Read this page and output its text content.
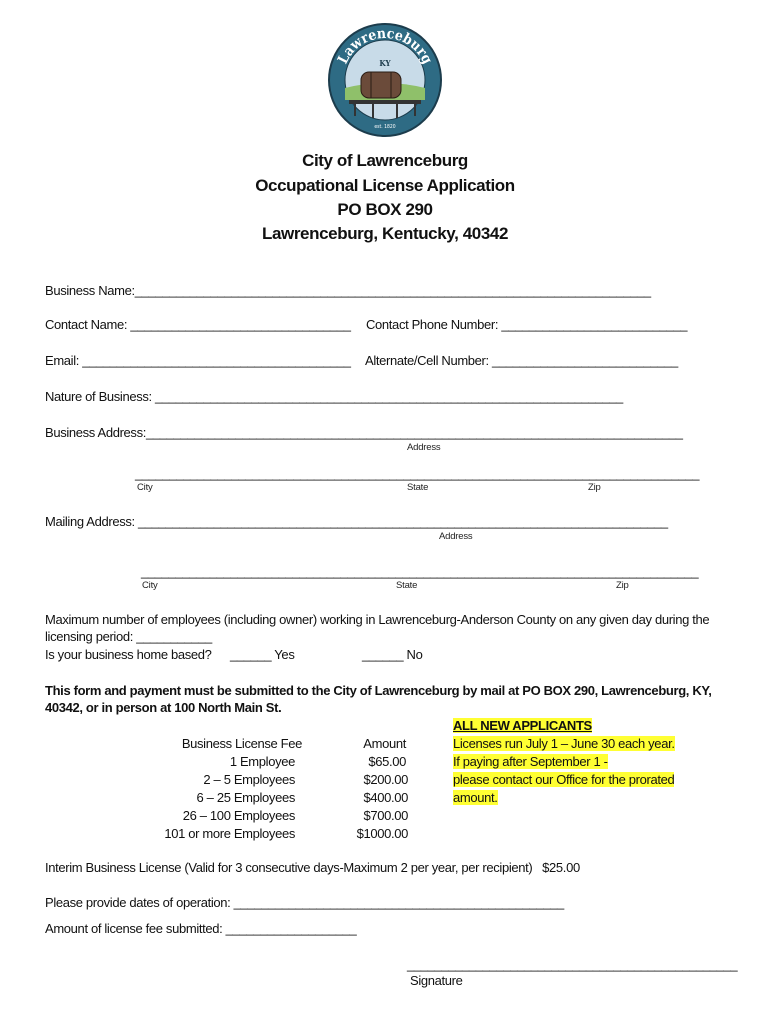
Lawrenceburg
KY
est. 1820
City of Lawrenceburg
Occupational License Application
PO BOX 290
Lawrenceburg, Kentucky, 40342
Business Name:___________________________________________________________________________
Contact Name: ________________________________ Contact Phone Number: ___________________________
Email: _______________________________________ Alternate/Cell Number: ___________________________
Nature of Business: ____________________________________________________________________
Business Address:______________________________________________________________________________
Address
__________________________________________________________________________________
City	State	Zip
Mailing Address: _____________________________________________________________________________
Address
_________________________________________________________________________________
City	State	Zip
Maximum number of employees (including owner) working in Lawrenceburg-Anderson County on any given day during the
licensing period: ___________
Is your business home based? ______ Yes	______ No
This form and payment must be submitted to the City of Lawrenceburg by mail at PO BOX 290, Lawrenceburg, KY,
40342, or in person at 100 North Main St.
Business License Fee	Amount
1 Employee	$65.00
2 – 5 Employees	$200.00
6 – 25 Employees	$400.00
26 – 100 Employees	$700.00
101 or more Employees	$1000.00
ALL NEW APPLICANTS
Licenses run July 1 – June 30 each year.
If paying after September 1 -
please contact our Office for the prorated
amount.
Interim Business License (Valid for 3 consecutive days-Maximum 2 per year, per recipient)   $25.00
Please provide dates of operation: ________________________________________________
Amount of license fee submitted: ___________________
________________________________________________
Signature
